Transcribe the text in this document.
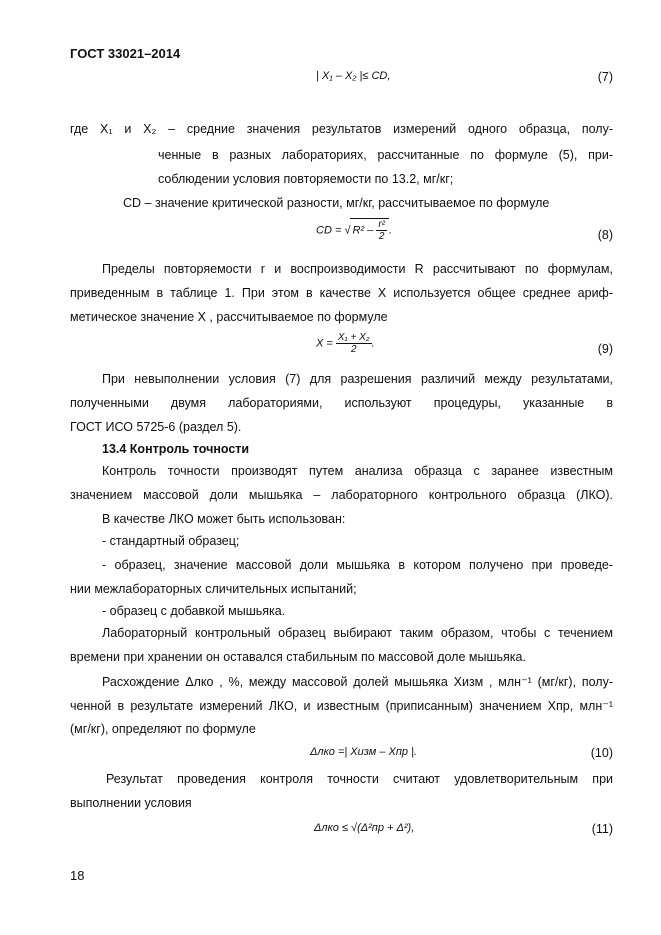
ГОСТ 33021–2014
| X₁ – X₂ |≤ CD,	(7)
где X₁ и X₂ – средние значения результатов измерений одного образца, полу-
ченные в разных лабораториях, рассчитанные по формуле (5), при-
соблюдении условия повторяемости по 13.2, мг/кг;
CD – значение критической разности, мг/кг, рассчитываемое по формуле
CD = √ $R^2 - \frac{\text{r²}}{2}$ .	(8)
Пределы повторяемости r и воспроизводимости R рассчитывают по формулам,
приведенным в таблице 1. При этом в качестве X используется общее среднее ариф-
метическое значение X , рассчитываемое по формуле
$X = \frac{\text{X₁ + X₂}}{2}$ .	(9)
При невыполнении условия (7) для разрешения различий между результатами,
полученными двумя лабораториями, используют процедуры, указанные в
ГОСТ ИСО 5725-6 (раздел 5).
13.4 Контроль точности
Контроль точности производят путем анализа образца с заранее известным
значением массовой доли мышьяка – лабораторного контрольного образца (ЛКО).
В качестве ЛКО может быть использован:
- стандартный образец;
- образец, значение массовой доли мышьяка в котором получено при проведе-
нии межлабораторных сличительных испытаний;
- образец с добавкой мышьяка.
Лабораторный контрольный образец выбирают таким образом, чтобы с течением
времени при хранении он оставался стабильным по массовой доле мышьяка.
Расхождение Δлко , %, между массовой долей мышьяка Xизм , млн⁻¹ (мг/кг), полу-
ченной в результате измерений ЛКО, и известным (приписанным) значением Xпр, млн⁻¹
(мг/кг), определяют по формуле
Δлко =| Xизм – Xпр |.	(10)
Результат проведения контроля точности считают удовлетворительным при
выполнении условия
Δлко ≤ √(Δ²пр + Δ²),	(11)
18
